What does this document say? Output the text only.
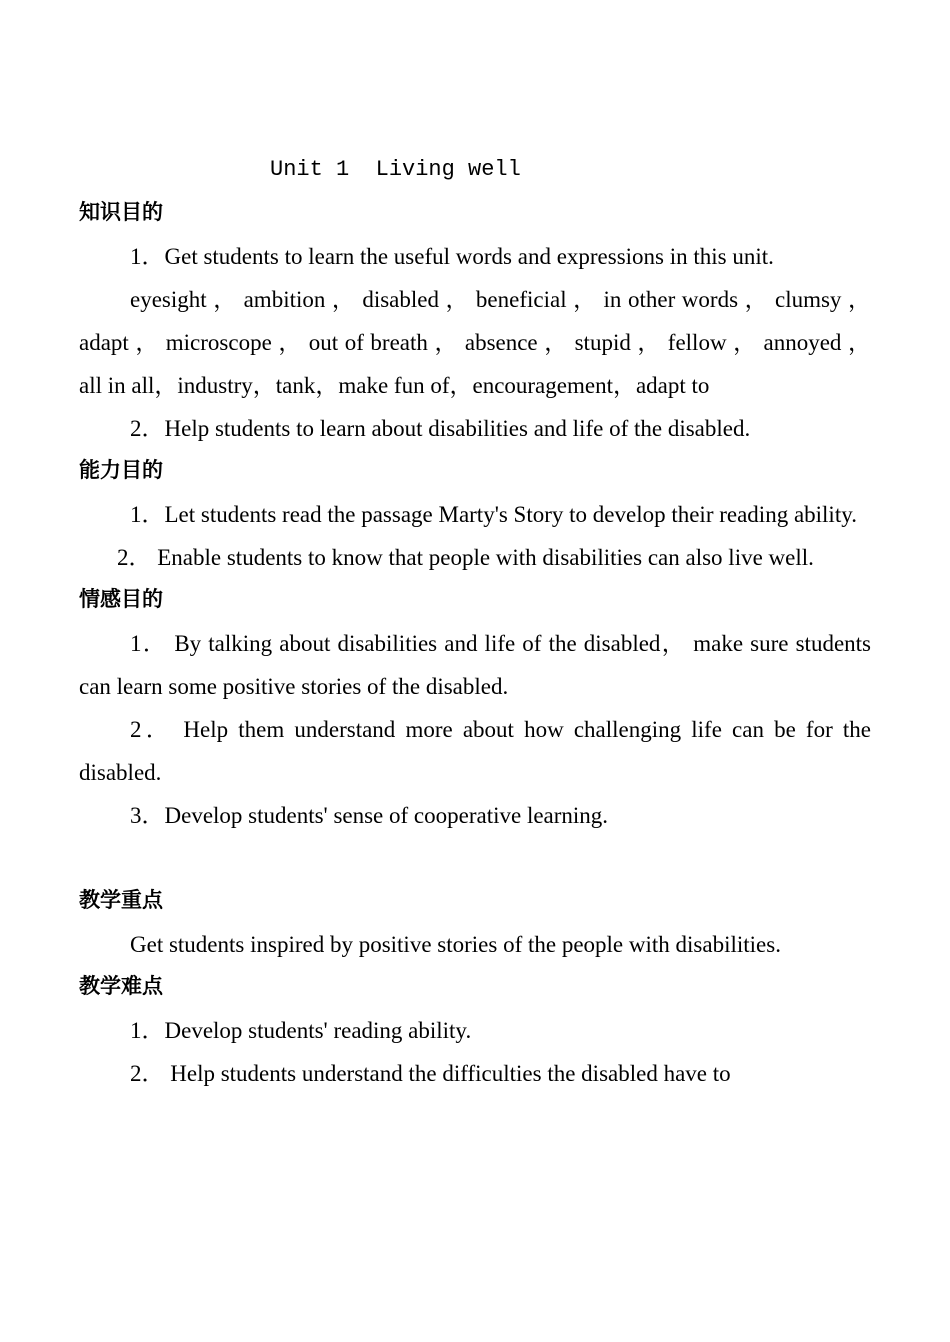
Unit 1  Living well

知识目的

1．Get students to learn the useful words and expressions in this unit.

eyesight ， ambition ， disabled ， beneficial ， in other words ， clumsy ， adapt ， microscope ， out of breath ， absence ， stupid ， fellow ， annoyed ， all in all，industry，tank，make fun of，encouragement，adapt to

2．Help students to learn about disabilities and life of the disabled.

能力目的

1．Let students read the passage Marty's Story to develop their reading ability.

2． Enable students to know that people with disabilities can also live well.

情感目的

1． By talking about disabilities and life of the disabled， make sure students can learn some positive stories of the disabled.

2． Help them understand more about how challenging life can be for the disabled.

3．Develop students' sense of cooperative learning.

教学重点

Get students inspired by positive stories of the people with disabilities.

教学难点

1．Develop students' reading ability.

2． Help students understand the difficulties the disabled have to
